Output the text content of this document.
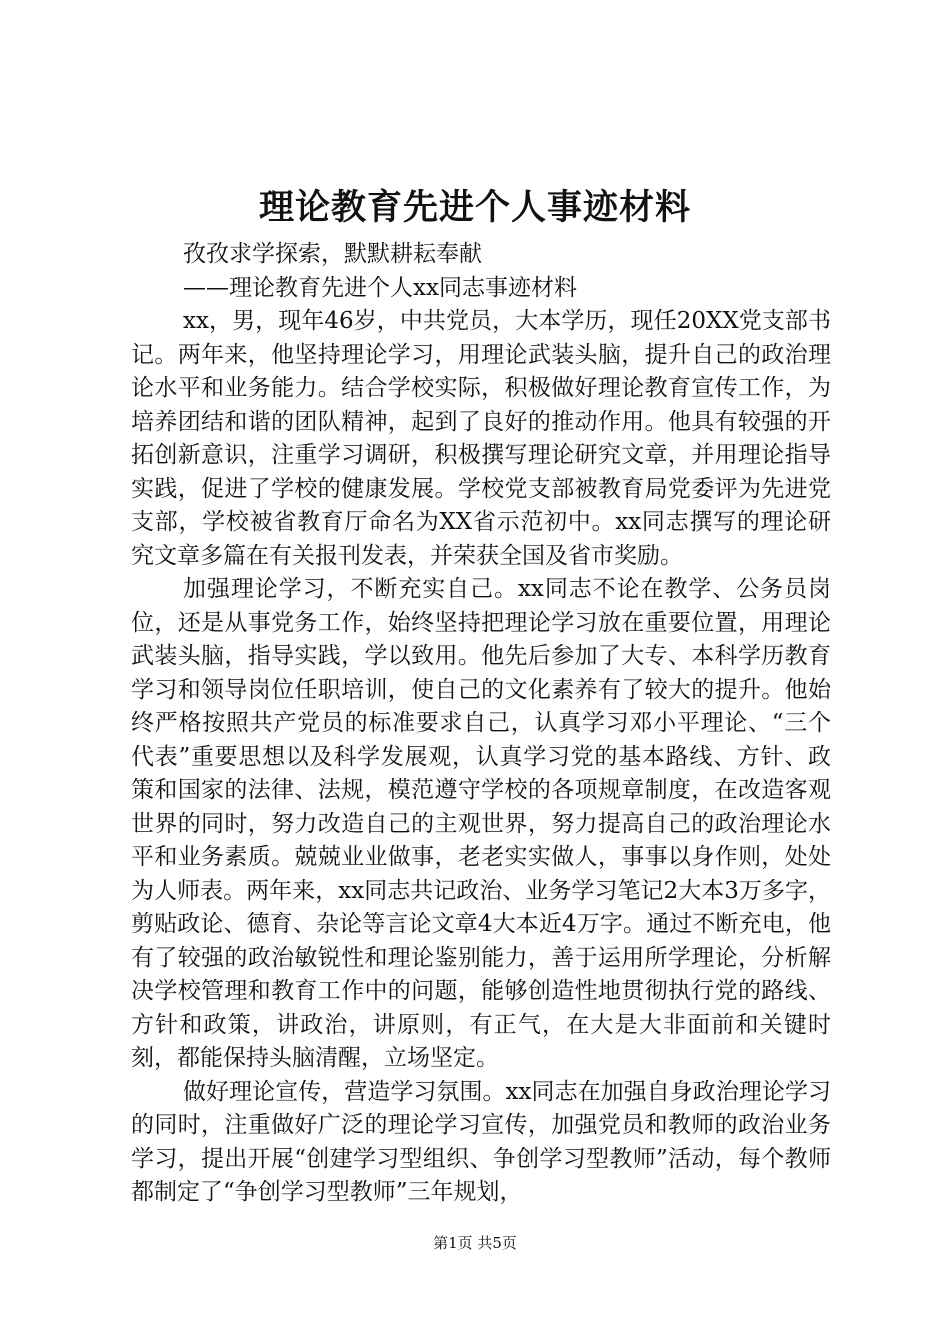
理论教育先进个人事迹材料

孜孜求学探索，默默耕耘奉献

——理论教育先进个人xx同志事迹材料

xx，男，现年46岁，中共党员，大本学历，现任20XX党支部书记。两年来，他坚持理论学习，用理论武装头脑，提升自己的政治理论水平和业务能力。结合学校实际，积极做好理论教育宣传工作，为培养团结和谐的团队精神，起到了良好的推动作用。他具有较强的开拓创新意识，注重学习调研，积极撰写理论研究文章，并用理论指导实践，促进了学校的健康发展。学校党支部被教育局党委评为先进党支部，学校被省教育厅命名为XX省示范初中。xx同志撰写的理论研究文章多篇在有关报刊发表，并荣获全国及省市奖励。

加强理论学习，不断充实自己。xx同志不论在教学、公务员岗位，还是从事党务工作，始终坚持把理论学习放在重要位置，用理论武装头脑，指导实践，学以致用。他先后参加了大专、本科学历教育学习和领导岗位任职培训，使自己的文化素养有了较大的提升。他始终严格按照共产党员的标准要求自己，认真学习邓小平理论、“三个代表”重要思想以及科学发展观，认真学习党的基本路线、方针、政策和国家的法律、法规，模范遵守学校的各项规章制度，在改造客观世界的同时，努力改造自己的主观世界，努力提高自己的政治理论水平和业务素质。兢兢业业做事，老老实实做人，事事以身作则，处处为人师表。两年来，xx同志共记政治、业务学习笔记2大本3万多字，剪贴政论、德育、杂论等言论文章4大本近4万字。通过不断充电，他有了较强的政治敏锐性和理论鉴别能力，善于运用所学理论，分析解决学校管理和教育工作中的问题，能够创造性地贯彻执行党的路线、方针和政策，讲政治，讲原则，有正气，在大是大非面前和关键时刻，都能保持头脑清醒，立场坚定。

做好理论宣传，营造学习氛围。xx同志在加强自身政治理论学习的同时，注重做好广泛的理论学习宣传，加强党员和教师的政治业务学习，提出开展“创建学习型组织、争创学习型教师”活动，每个教师都制定了“争创学习型教师”三年规划，

第1页 共5页
